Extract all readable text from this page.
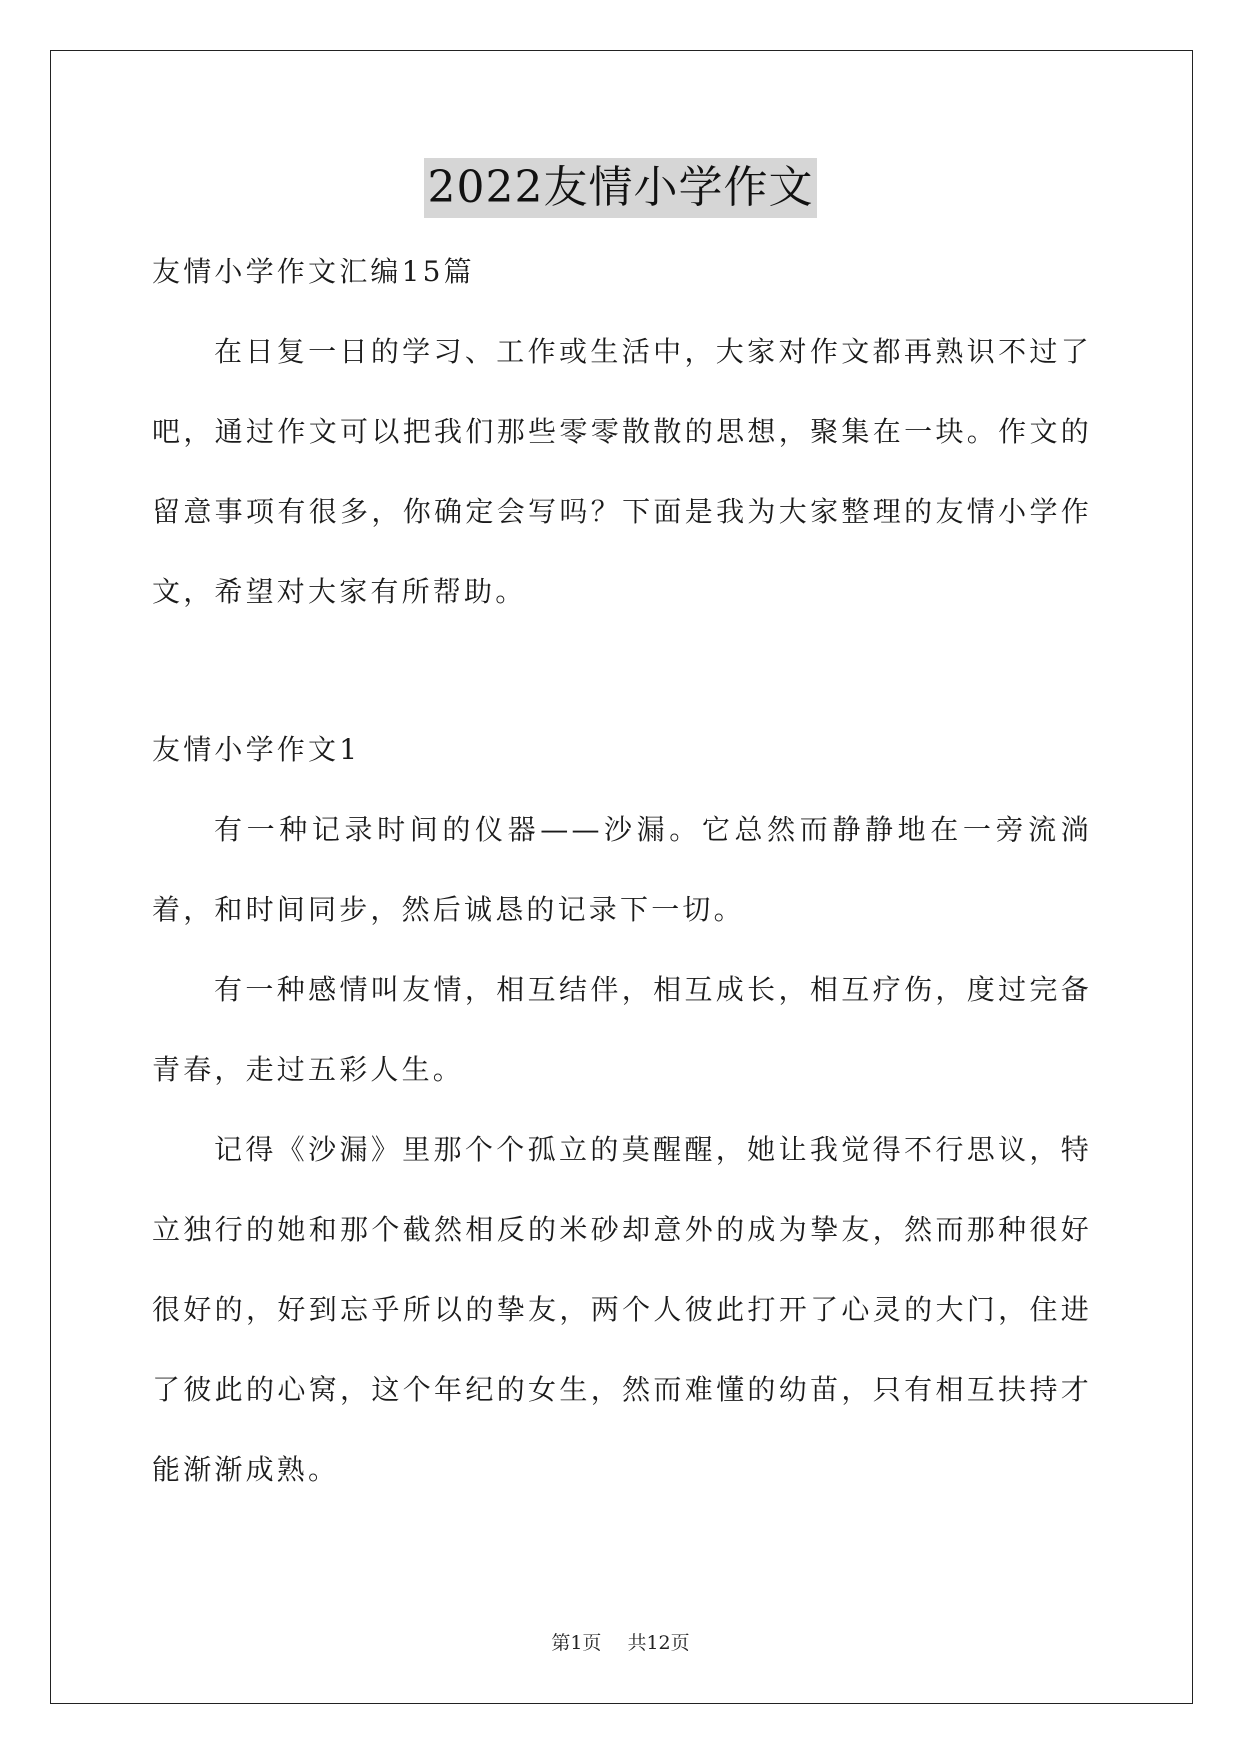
2022友情小学作文

友情小学作文汇编15篇

在日复一日的学习、工作或生活中，大家对作文都再熟识不过了吧，通过作文可以把我们那些零零散散的思想，聚集在一块。作文的留意事项有很多，你确定会写吗？下面是我为大家整理的友情小学作文，希望对大家有所帮助。

友情小学作文1

有一种记录时间的仪器——沙漏。它总然而静静地在一旁流淌着，和时间同步，然后诚恳的记录下一切。

有一种感情叫友情，相互结伴，相互成长，相互疗伤，度过完备青春，走过五彩人生。

记得《沙漏》里那个个孤立的莫醒醒，她让我觉得不行思议，特立独行的她和那个截然相反的米砂却意外的成为挚友，然而那种很好很好的，好到忘乎所以的挚友，两个人彼此打开了心灵的大门，住进了彼此的心窝，这个年纪的女生，然而难懂的幼苗，只有相互扶持才能渐渐成熟。

第1页 共12页
